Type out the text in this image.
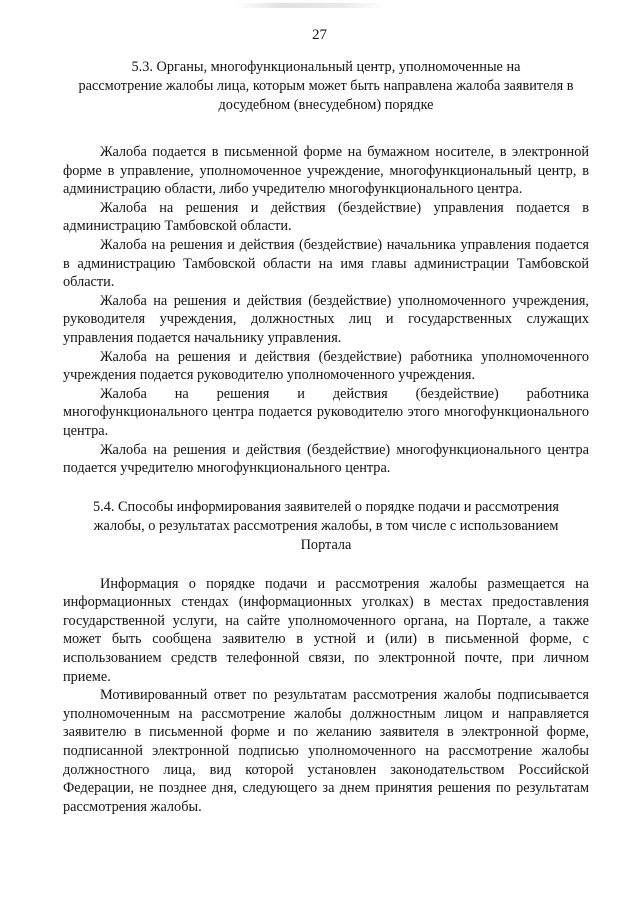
27
5.3. Органы, многофункциональный центр, уполномоченные на
рассмотрение жалобы лица, которым может быть направлена жалоба заявителя в
досудебном (внесудебном) порядке

Жалоба подается в письменной форме на бумажном носителе, в электронной форме в управление, уполномоченное учреждение, многофункциональный центр, в администрацию области, либо учредителю многофункционального центра.

Жалоба на решения и действия (бездействие) управления подается в администрацию Тамбовской области.

Жалоба на решения и действия (бездействие) начальника управления подается в администрацию Тамбовской области на имя главы администрации Тамбовской области.

Жалоба на решения и действия (бездействие) уполномоченного учреждения, руководителя учреждения, должностных лиц и государственных служащих управления подается начальнику управления.

Жалоба на решения и действия (бездействие) работника уполномоченного учреждения подается руководителю уполномоченного учреждения.

Жалоба на решения и действия (бездействие) работника многофункционального центра подается руководителю этого многофункционального центра.

Жалоба на решения и действия (бездействие) многофункционального центра подается учредителю многофункционального центра.

5.4. Способы информирования заявителей о порядке подачи и рассмотрения
жалобы, о результатах рассмотрения жалобы, в том числе с использованием
Портала

Информация о порядке подачи и рассмотрения жалобы размещается на информационных стендах (информационных уголках) в местах предоставления государственной услуги, на сайте уполномоченного органа, на Портале, а также может быть сообщена заявителю в устной и (или) в письменной форме, с использованием средств телефонной связи, по электронной почте, при личном приеме.

Мотивированный ответ по результатам рассмотрения жалобы подписывается уполномоченным на рассмотрение жалобы должностным лицом и направляется заявителю в письменной форме и по желанию заявителя в электронной форме, подписанной электронной подписью уполномоченного на рассмотрение жалобы должностного лица, вид которой установлен законодательством Российской Федерации, не позднее дня, следующего за днем принятия решения по результатам рассмотрения жалобы.
